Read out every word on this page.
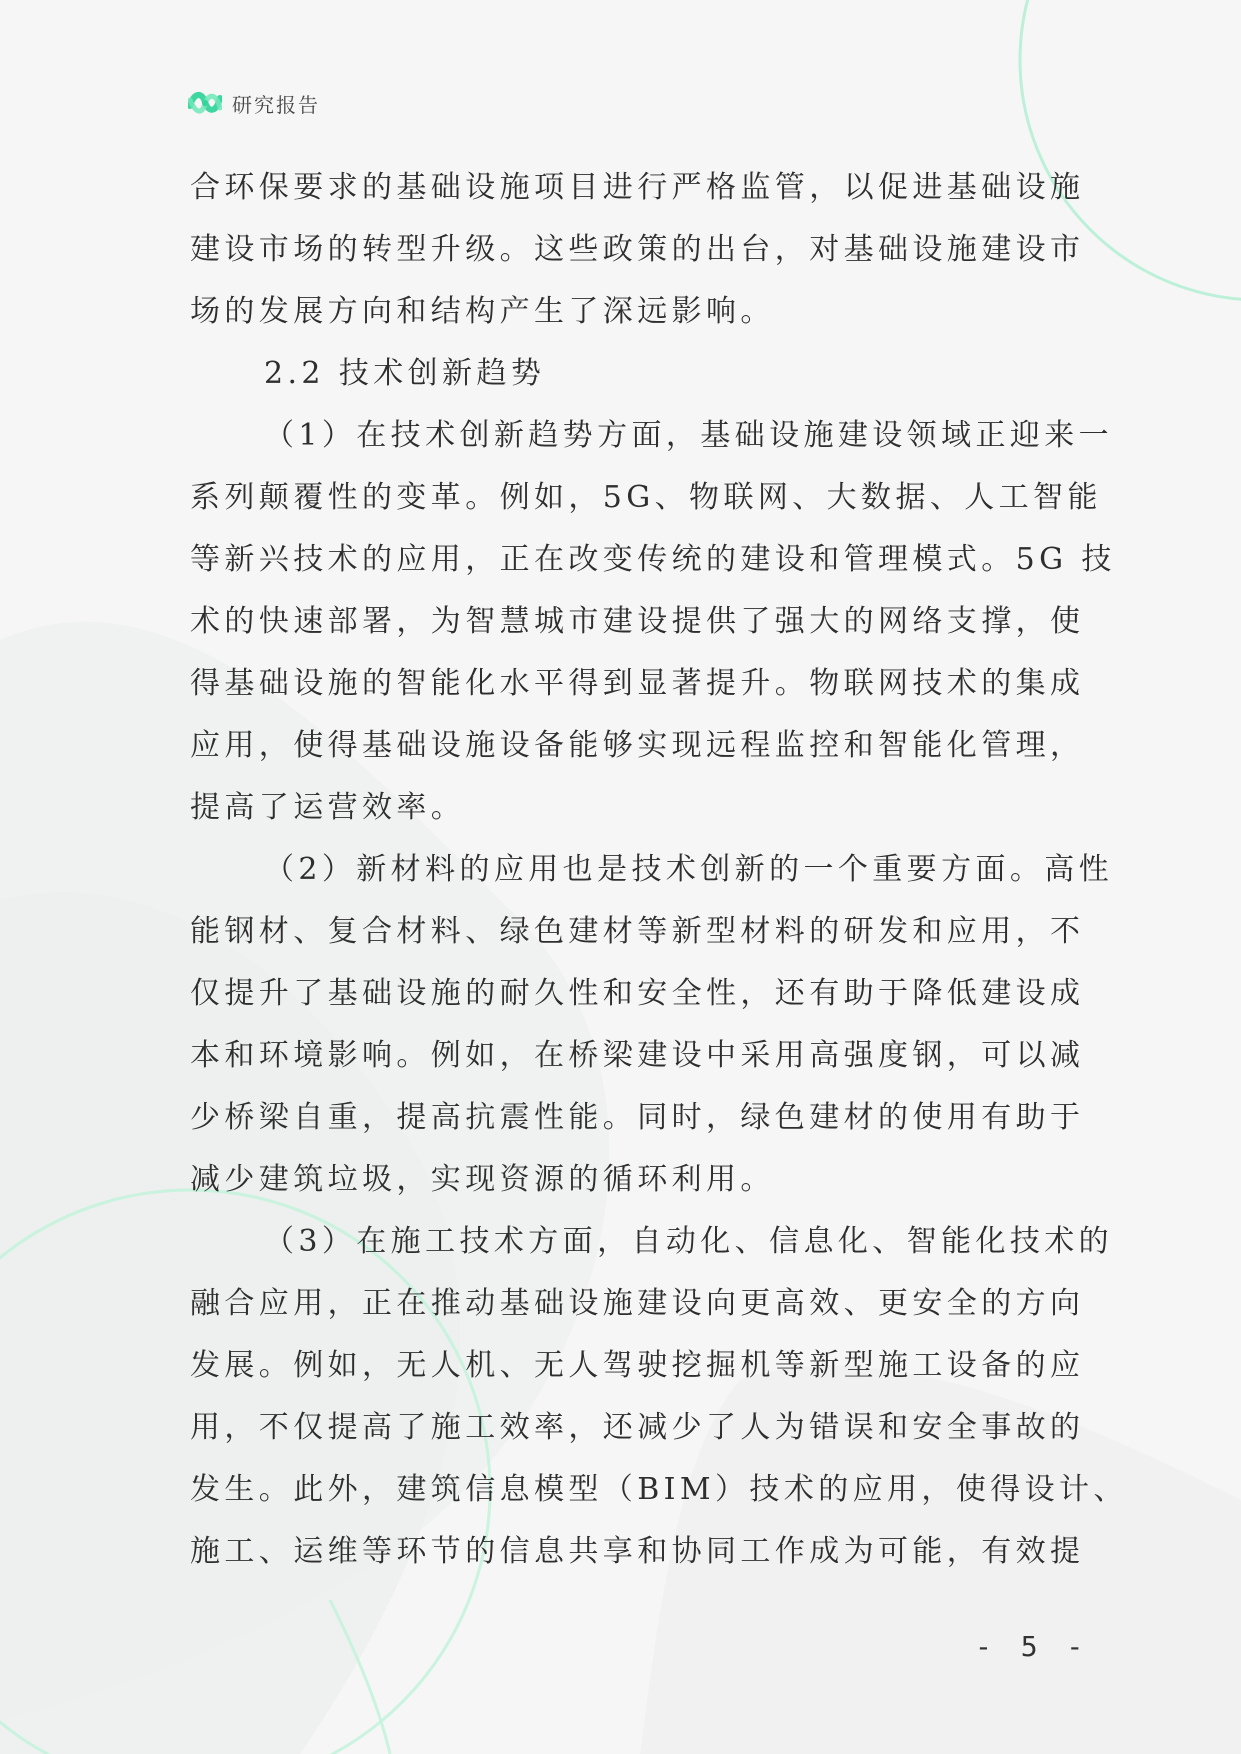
研究报告
合环保要求的基础设施项目进行严格监管，以促进基础设施
建设市场的转型升级。这些政策的出台，对基础设施建设市
场的发展方向和结构产生了深远影响。
2.2 技术创新趋势
（1）在技术创新趋势方面，基础设施建设领域正迎来一
系列颠覆性的变革。例如，5G、物联网、大数据、人工智能
等新兴技术的应用，正在改变传统的建设和管理模式。5G 技
术的快速部署，为智慧城市建设提供了强大的网络支撑，使
得基础设施的智能化水平得到显著提升。物联网技术的集成
应用，使得基础设施设备能够实现远程监控和智能化管理，
提高了运营效率。
（2）新材料的应用也是技术创新的一个重要方面。高性
能钢材、复合材料、绿色建材等新型材料的研发和应用，不
仅提升了基础设施的耐久性和安全性，还有助于降低建设成
本和环境影响。例如，在桥梁建设中采用高强度钢，可以减
少桥梁自重，提高抗震性能。同时，绿色建材的使用有助于
减少建筑垃圾，实现资源的循环利用。
（3）在施工技术方面，自动化、信息化、智能化技术的
融合应用，正在推动基础设施建设向更高效、更安全的方向
发展。例如，无人机、无人驾驶挖掘机等新型施工设备的应
用，不仅提高了施工效率，还减少了人为错误和安全事故的
发生。此外，建筑信息模型（BIM）技术的应用，使得设计、
施工、运维等环节的信息共享和协同工作成为可能，有效提
- 5 -
